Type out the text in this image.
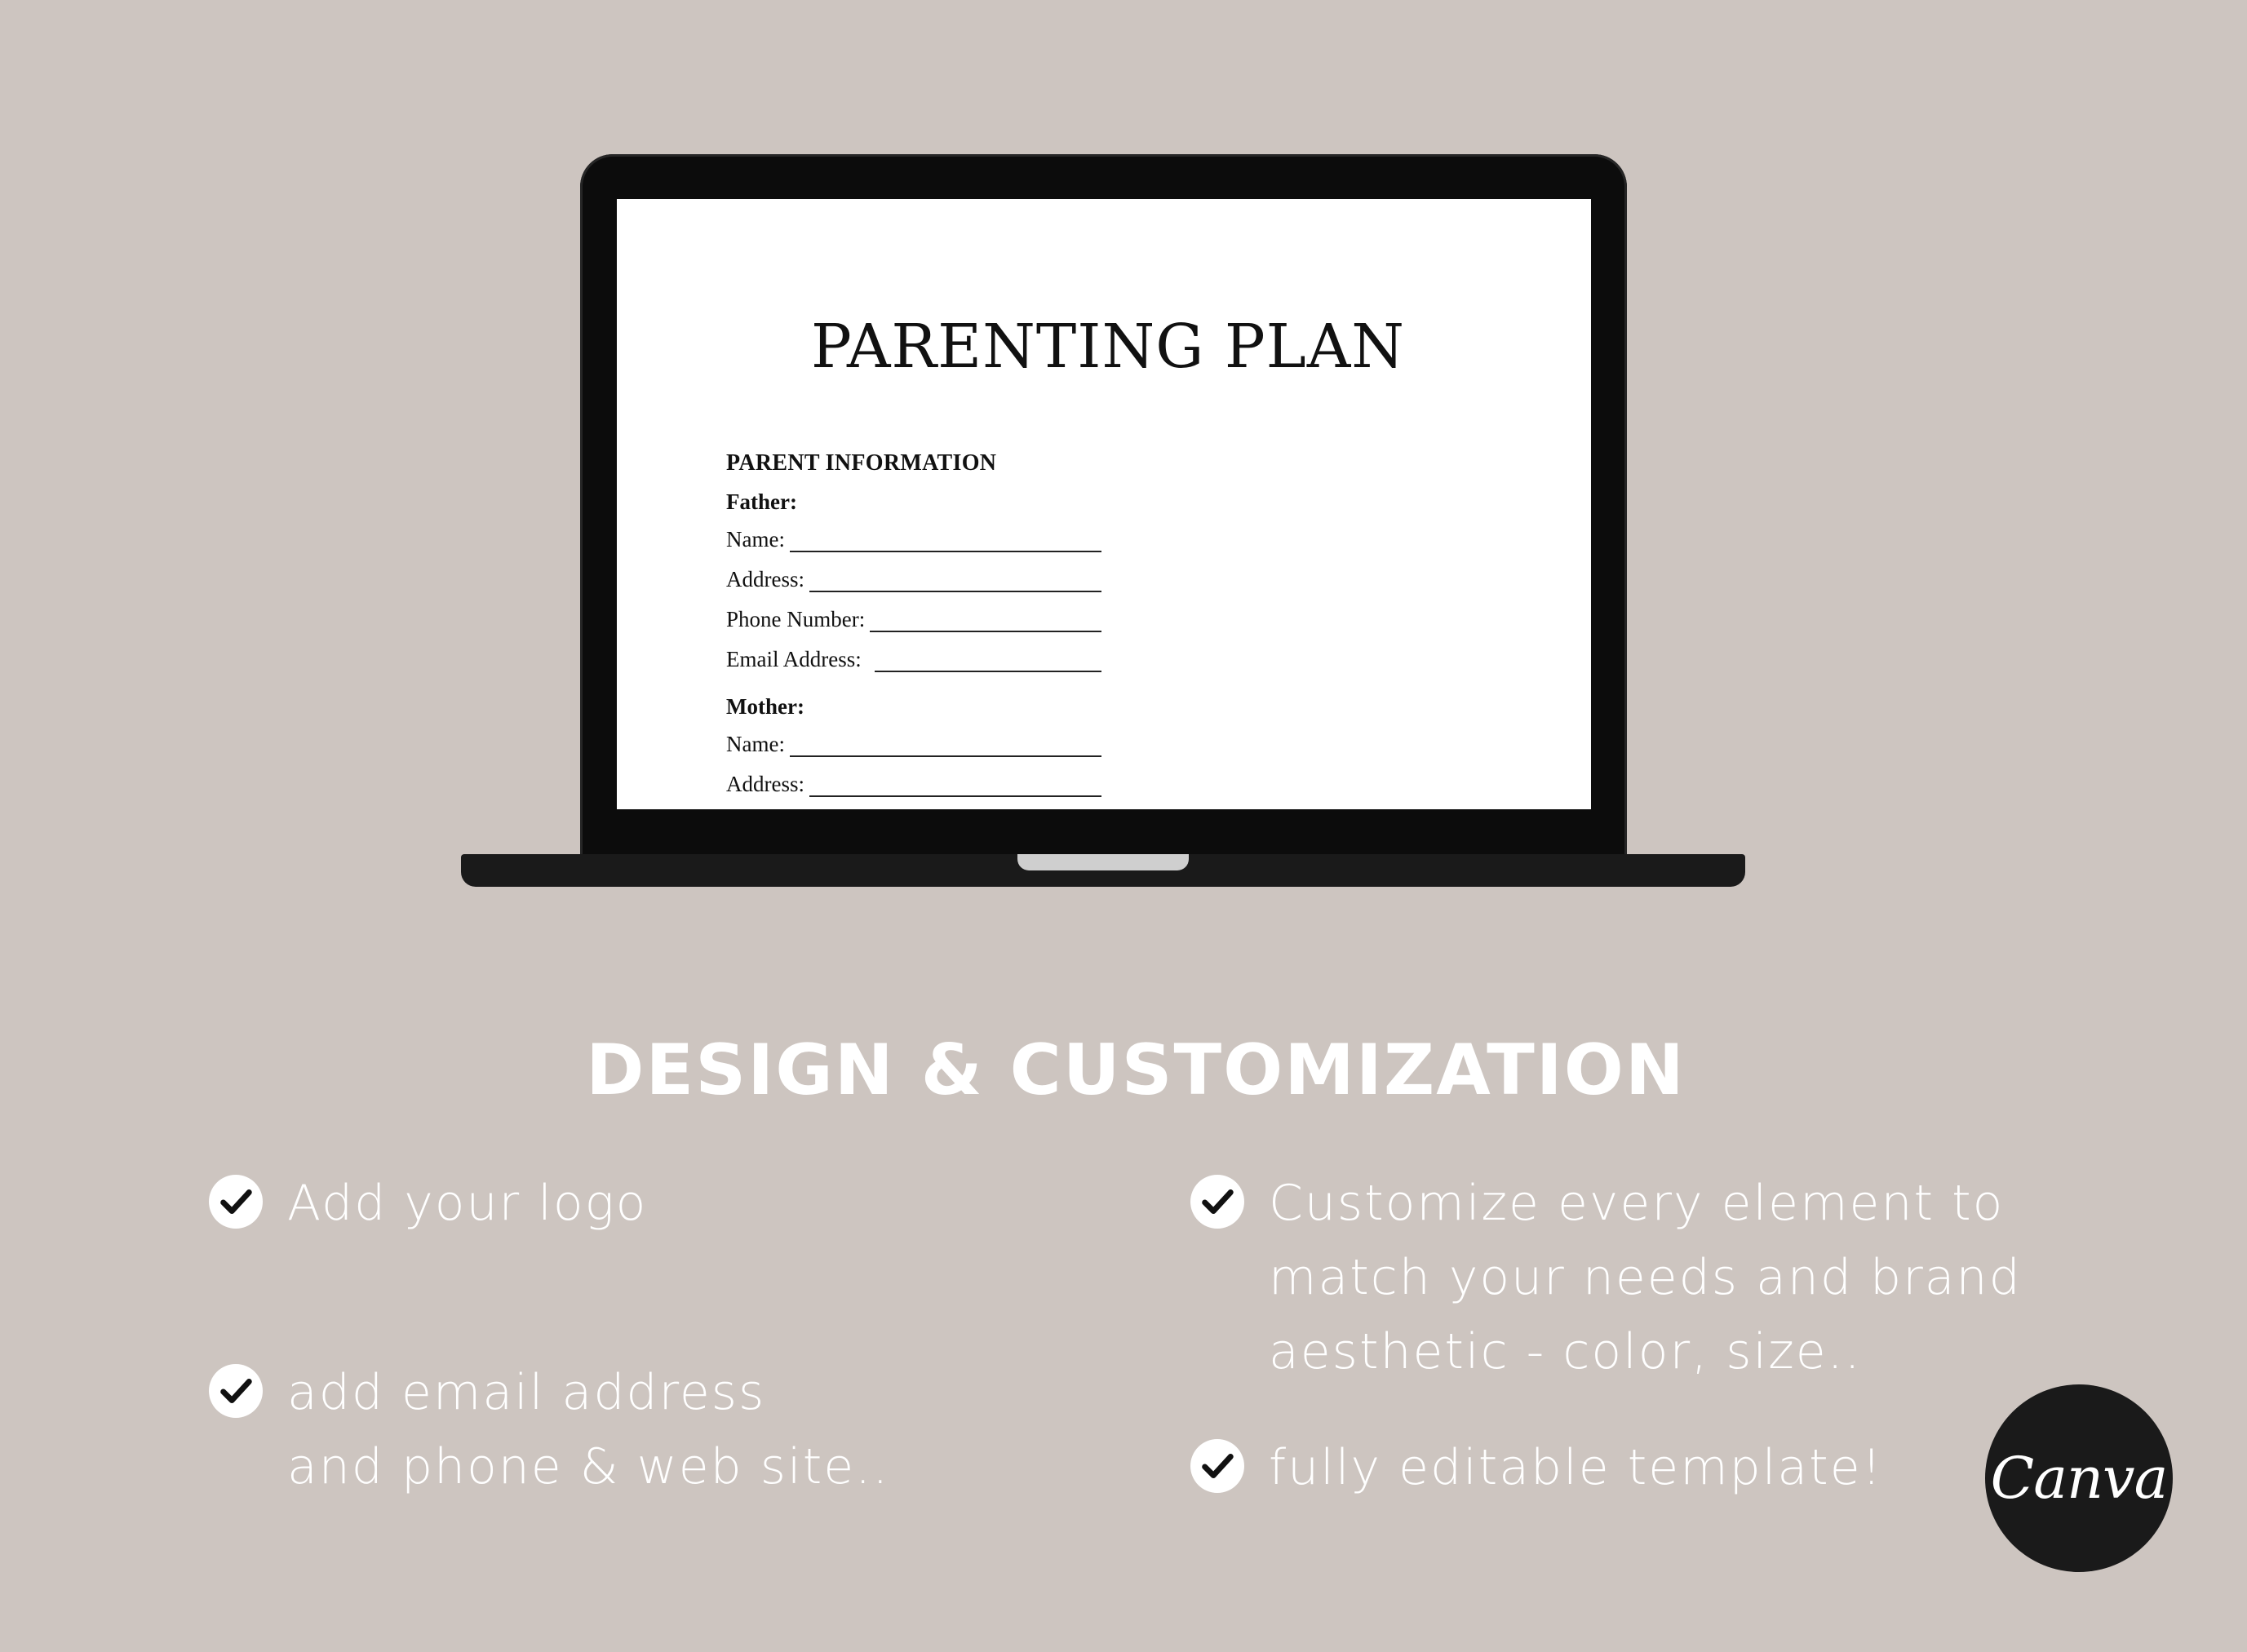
PARENTING PLAN
PARENT INFORMATION
Father:
Name:
Address:
Phone Number:
Email Address:
Mother:
Name:
Address:
DESIGN & CUSTOMIZATION
Add your logo
add email address
and phone & web site..
Customize every element to
match your needs and brand
aesthetic - color, size..
fully editable template! Canva
